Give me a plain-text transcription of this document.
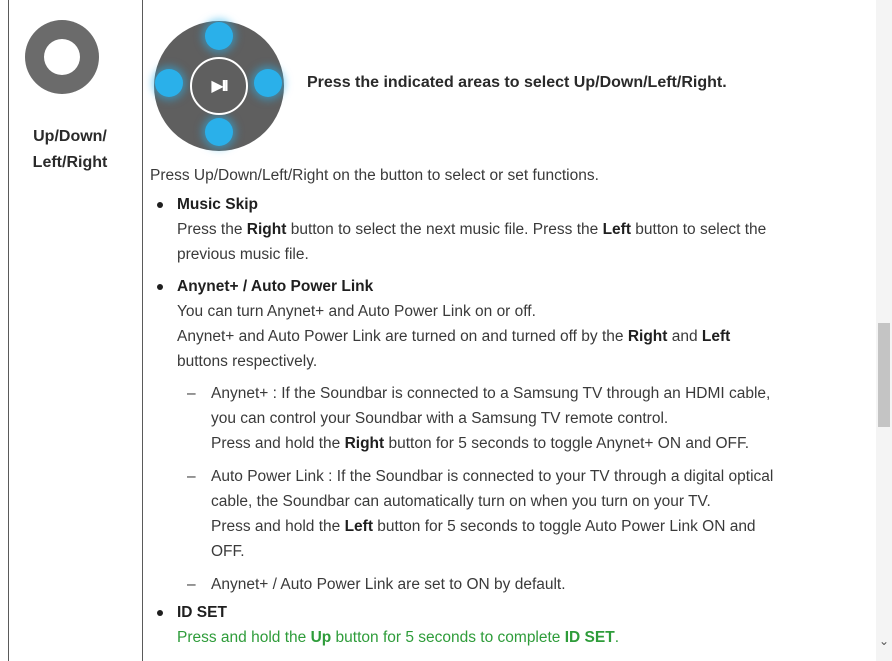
Up/Down/
Left/Right
▶II	Press the indicated areas to select Up/Down/Left/Right.
Press Up/Down/Left/Right on the button to select or set functions.
Music Skip
Press the Right button to select the next music file. Press the Left button to select the
previous music file.
Anynet+ / Auto Power Link
You can turn Anynet+ and Auto Power Link on or off.
Anynet+ and Auto Power Link are turned on and turned off by the Right and Left
buttons respectively.
– Anynet+ : If the Soundbar is connected to a Samsung TV through an HDMI cable,
you can control your Soundbar with a Samsung TV remote control.
Press and hold the Right button for 5 seconds to toggle Anynet+ ON and OFF.
– Auto Power Link : If the Soundbar is connected to your TV through a digital optical
cable, the Soundbar can automatically turn on when you turn on your TV.
Press and hold the Left button for 5 seconds to toggle Auto Power Link ON and
OFF.
– Anynet+ / Auto Power Link are set to ON by default.
ID SET
Press and hold the Up button for 5 seconds to complete ID SET.	⌄
